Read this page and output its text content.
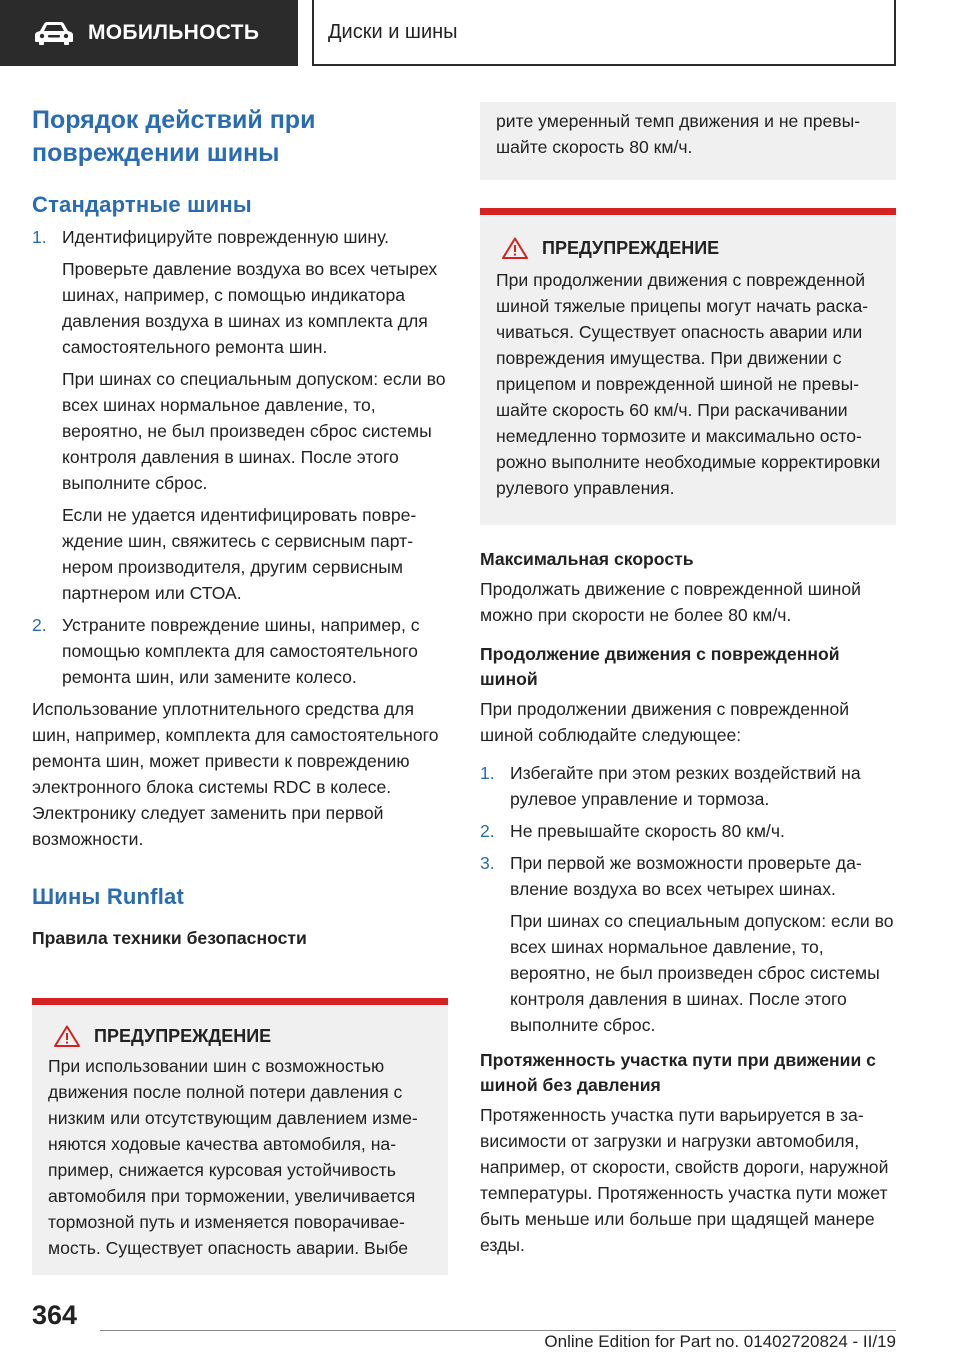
МОБИЛЬНОСТЬ	Диски и шины
Порядок действий при повреждении шины
Стандартные шины
1. Идентифицируйте поврежденную шину.

Проверьте давление воздуха во всех четырех шинах, например, с помощью индикатора давления воздуха в шинах из комплекта для самостоятельного ремонта шин.

При шинах со специальным допуском: если во всех шинах нормальное давление, то, вероятно, не был произведен сброс системы контроля давления в шинах. После этого выполните сброс.

Если не удается идентифицировать повреждение шин, свяжитесь с сервисным партнером производителя, другим сервисным партнером или СТОА.

2. Устраните повреждение шины, например, с помощью комплекта для самостоятельного ремонта шин, или замените колесо.

Использование уплотнительного средства для шин, например, комплекта для самостоятельного ремонта шин, может привести к повреждению электронного блока системы RDC в колесе. Электронику следует заменить при первой возможности.

Шины Runflat
Правила техники безопасности
ПРЕДУПРЕЖДЕНИЕ

При использовании шин с возможностью движения после полной потери давления с низким или отсутствующим давлением изменяются ходовые качества автомобиля, например, снижается курсовая устойчивость автомобиля при торможении, увеличивается тормозной путь и изменяется поворачиваемость. Существует опасность аварии. Выбе

рите умеренный темп движения и не превышайте скорость 80 км/ч.

ПРЕДУПРЕЖДЕНИЕ

При продолжении движения с поврежденной шиной тяжелые прицепы могут начать раскачиваться. Существует опасность аварии или повреждения имущества. При движении с прицепом и поврежденной шиной не превышайте скорость 60 км/ч. При раскачивании немедленно тормозите и максимально осторожно выполните необходимые корректировки рулевого управления.

Максимальная скорость

Продолжать движение с поврежденной шиной можно при скорости не более 80 км/ч.

Продолжение движения с поврежденной шиной

При продолжении движения с поврежденной шиной соблюдайте следующее:

1. Избегайте при этом резких воздействий на рулевое управление и тормоза.

2. Не превышайте скорость 80 км/ч.

3. При первой же возможности проверьте давление воздуха во всех четырех шинах.

При шинах со специальным допуском: если во всех шинах нормальное давление, то, вероятно, не был произведен сброс системы контроля давления в шинах. После этого выполните сброс.

Протяженность участка пути при движении с шиной без давления

Протяженность участка пути варьируется в зависимости от загрузки и нагрузки автомобиля, например, от скорости, свойств дороги, наружной температуры. Протяженность участка пути может быть меньше или больше при щадящей манере езды.

364
Online Edition for Part no. 01402720824 - II/19
